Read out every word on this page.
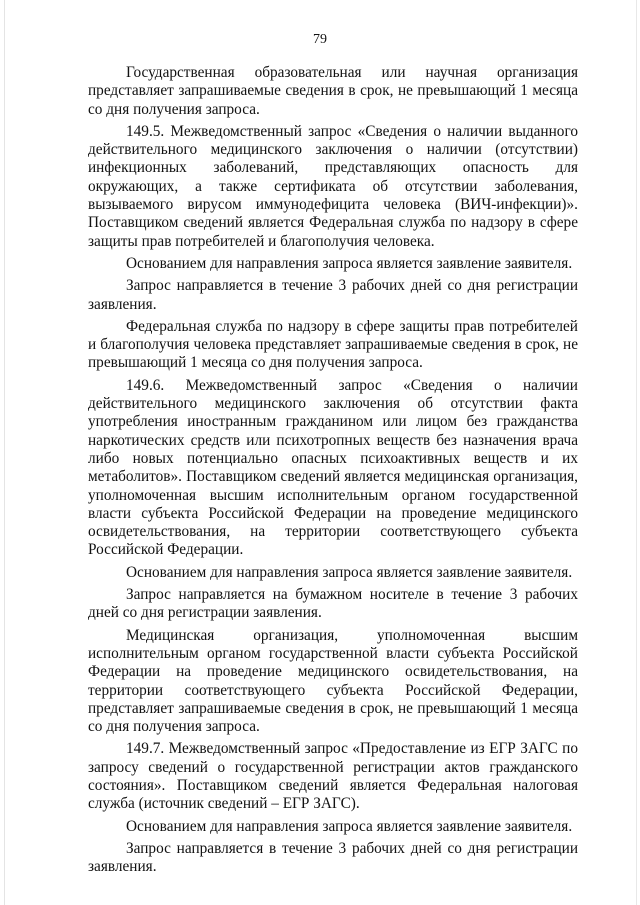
79

Государственная образовательная или научная организация представляет запрашиваемые сведения в срок, не превышающий 1 месяца со дня получения запроса.

149.5. Межведомственный запрос «Сведения о наличии выданного действительного медицинского заключения о наличии (отсутствии) инфекционных заболеваний, представляющих опасность для окружающих, а также сертификата об отсутствии заболевания, вызываемого вирусом иммунодефицита человека (ВИЧ-инфекции)». Поставщиком сведений является Федеральная служба по надзору в сфере защиты прав потребителей и благополучия человека.

Основанием для направления запроса является заявление заявителя.

Запрос направляется в течение 3 рабочих дней со дня регистрации заявления.

Федеральная служба по надзору в сфере защиты прав потребителей и благополучия человека представляет запрашиваемые сведения в срок, не превышающий 1 месяца со дня получения запроса.

149.6. Межведомственный запрос «Сведения о наличии действительного медицинского заключения об отсутствии факта употребления иностранным гражданином или лицом без гражданства наркотических средств или психотропных веществ без назначения врача либо новых потенциально опасных психоактивных веществ и их метаболитов». Поставщиком сведений является медицинская организация, уполномоченная высшим исполнительным органом государственной власти субъекта Российской Федерации на проведение медицинского освидетельствования, на территории соответствующего субъекта Российской Федерации.

Основанием для направления запроса является заявление заявителя.

Запрос направляется на бумажном носителе в течение 3 рабочих дней со дня регистрации заявления.

Медицинская организация, уполномоченная высшим исполнительным органом государственной власти субъекта Российской Федерации на проведение медицинского освидетельствования, на территории соответствующего субъекта Российской Федерации, представляет запрашиваемые сведения в срок, не превышающий 1 месяца со дня получения запроса.

149.7. Межведомственный запрос «Предоставление из ЕГР ЗАГС по запросу сведений о государственной регистрации актов гражданского состояния». Поставщиком сведений является Федеральная налоговая служба (источник сведений – ЕГР ЗАГС).

Основанием для направления запроса является заявление заявителя.

Запрос направляется в течение 3 рабочих дней со дня регистрации заявления.
